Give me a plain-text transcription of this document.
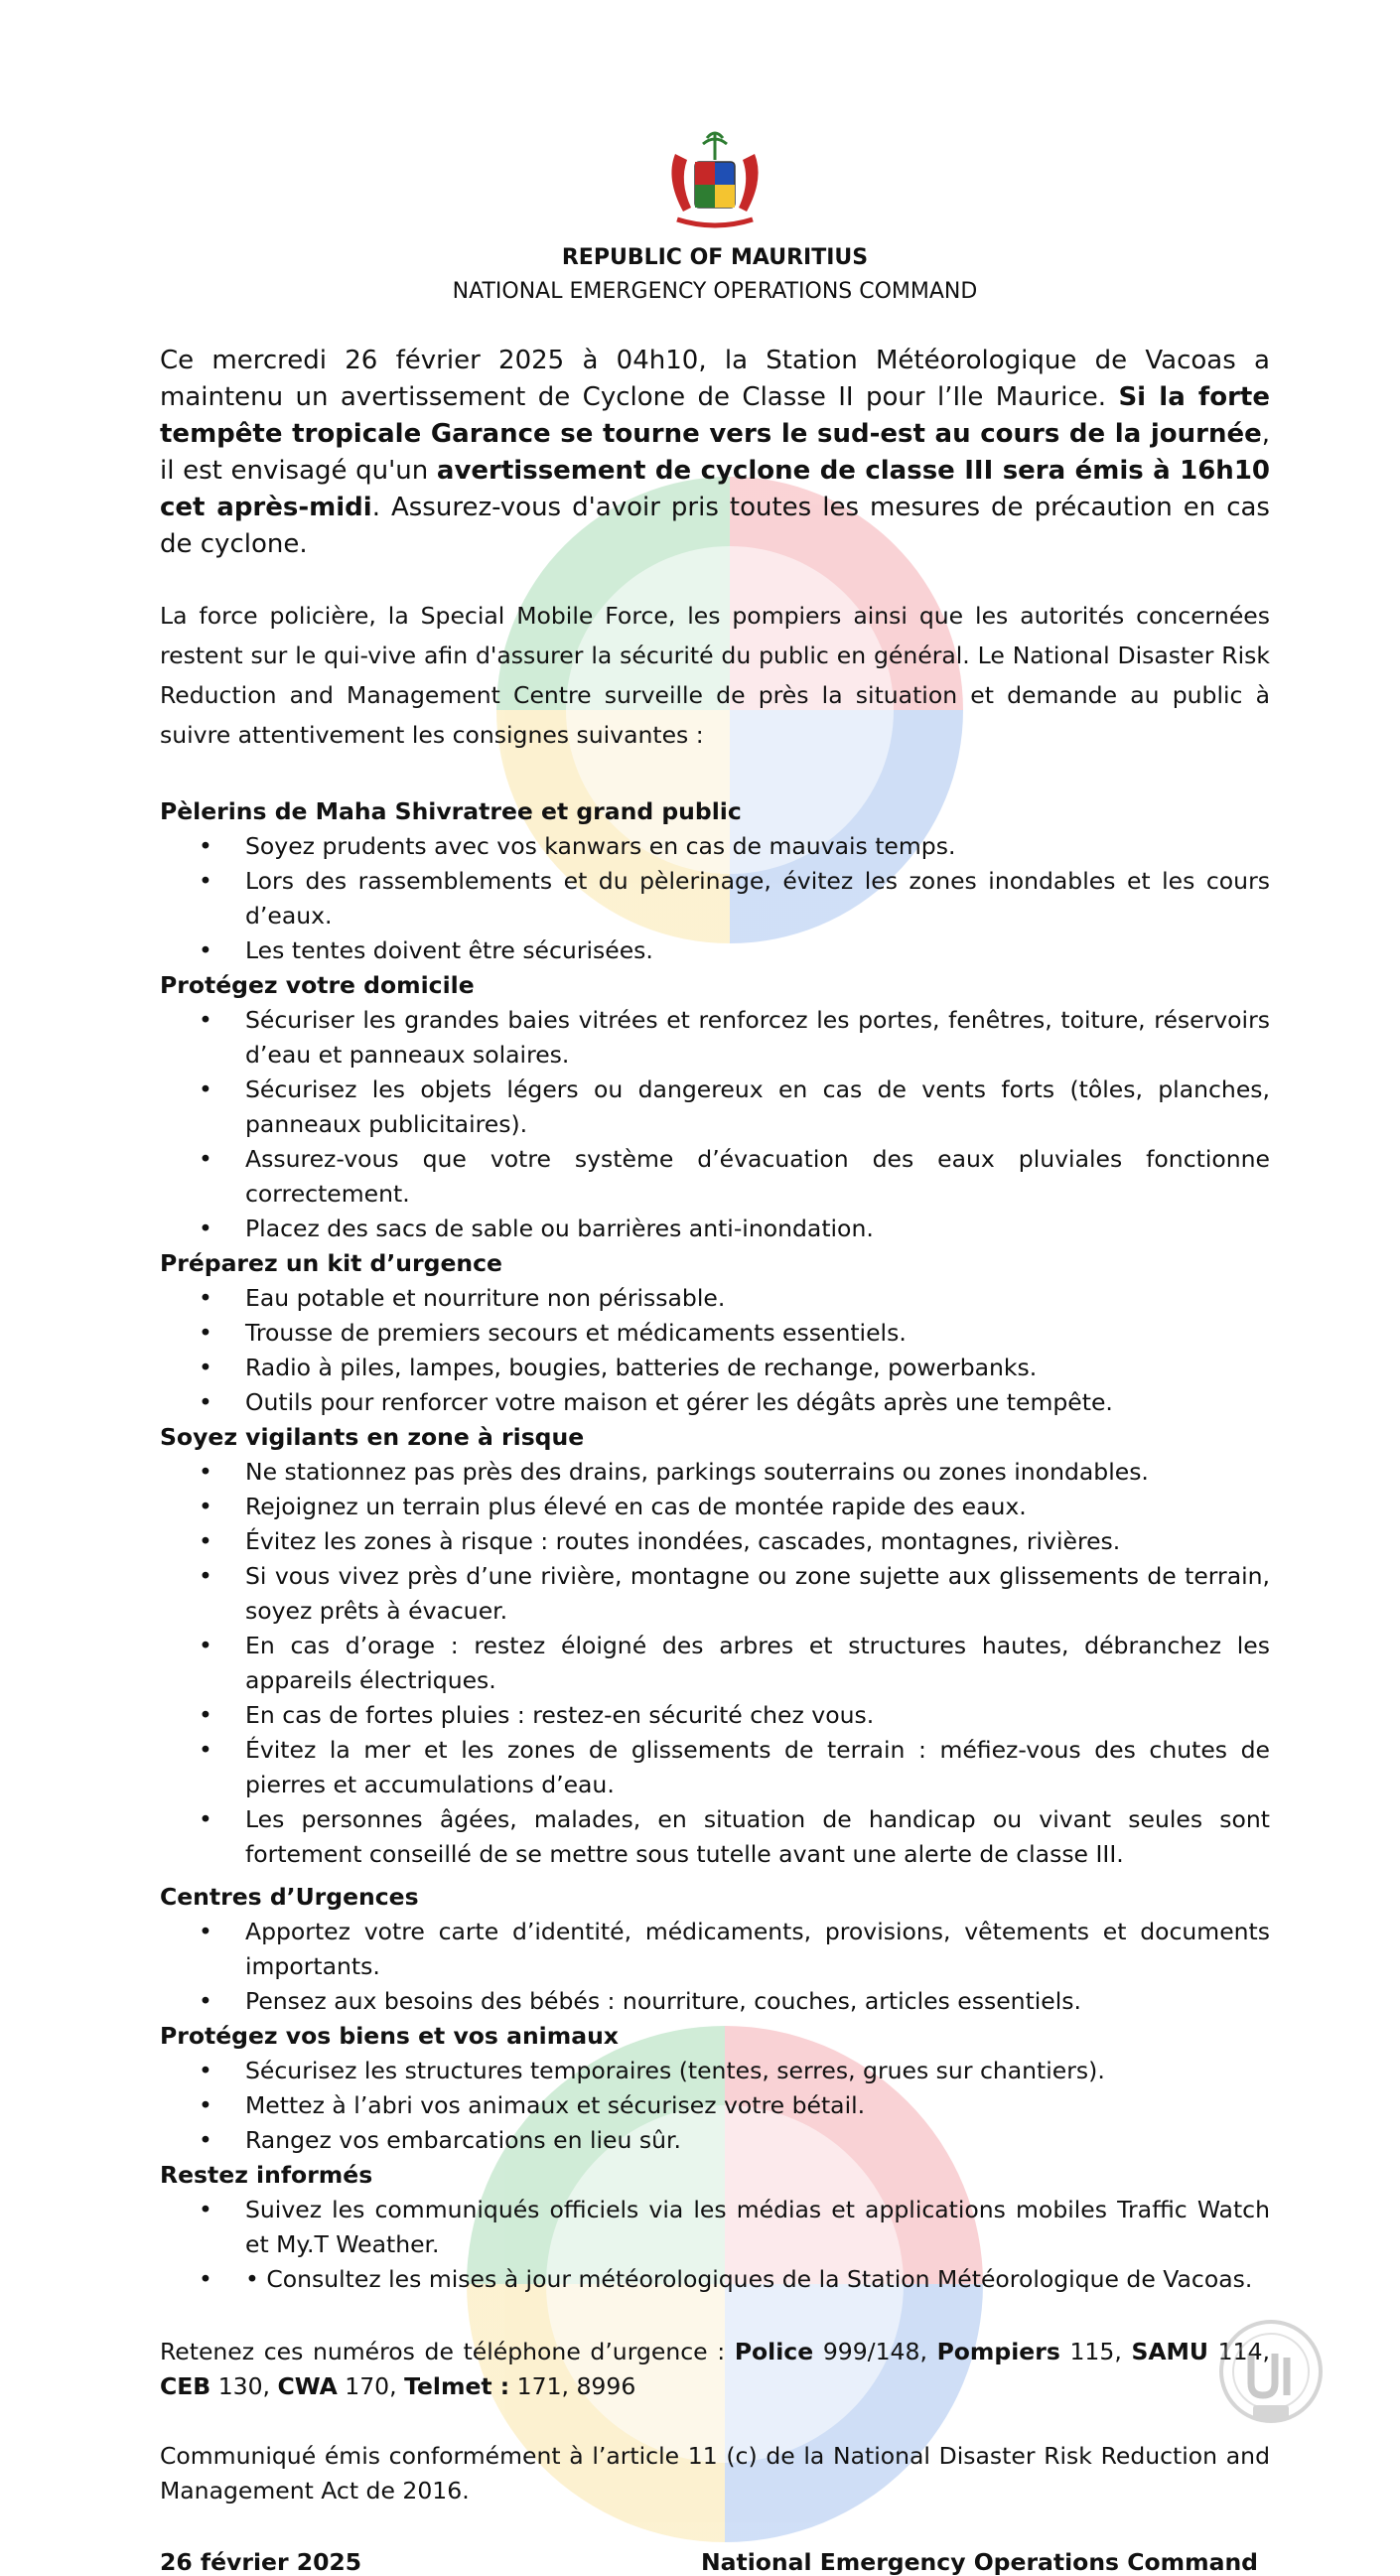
REPUBLIC OF MAURITIUS
NATIONAL EMERGENCY OPERATIONS COMMAND

Ce mercredi 26 février 2025 à 04h10, la Station Météorologique de Vacoas a maintenu un avertissement de Cyclone de Classe II pour l’Ile Maurice. Si la forte tempête tropicale Garance se tourne vers le sud-est au cours de la journée, il est envisagé qu'un avertissement de cyclone de classe III sera émis à 16h10 cet après-midi. Assurez-vous d'avoir pris toutes les mesures de précaution en cas de cyclone.

La force policière, la Special Mobile Force, les pompiers ainsi que les autorités concernées restent sur le qui-vive afin d'assurer la sécurité du public en général. Le National Disaster Risk Reduction and Management Centre surveille de près la situation et demande au public à suivre attentivement les consignes suivantes :

Pèlerins de Maha Shivratree et grand public

• Soyez prudents avec vos kanwars en cas de mauvais temps.
• Lors des rassemblements et du pèlerinage, évitez les zones inondables et les cours d’eaux.
• Les tentes doivent être sécurisées.

Protégez votre domicile

• Sécuriser les grandes baies vitrées et renforcez les portes, fenêtres, toiture, réservoirs d’eau et panneaux solaires.
• Sécurisez les objets légers ou dangereux en cas de vents forts (tôles, planches, panneaux publicitaires).
• Assurez-vous que votre système d’évacuation des eaux pluviales fonctionne correctement.
• Placez des sacs de sable ou barrières anti-inondation.

Préparez un kit d’urgence

• Eau potable et nourriture non périssable.
• Trousse de premiers secours et médicaments essentiels.
• Radio à piles, lampes, bougies, batteries de rechange, powerbanks.
• Outils pour renforcer votre maison et gérer les dégâts après une tempête.

Soyez vigilants en zone à risque

• Ne stationnez pas près des drains, parkings souterrains ou zones inondables.
• Rejoignez un terrain plus élevé en cas de montée rapide des eaux.
• Évitez les zones à risque : routes inondées, cascades, montagnes, rivières.
• Si vous vivez près d’une rivière, montagne ou zone sujette aux glissements de terrain, soyez prêts à évacuer.
• En cas d’orage : restez éloigné des arbres et structures hautes, débranchez les appareils électriques.
• En cas de fortes pluies : restez-en sécurité chez vous.
• Évitez la mer et les zones de glissements de terrain : méfiez-vous des chutes de pierres et accumulations d’eau.
• Les personnes âgées, malades, en situation de handicap ou vivant seules sont fortement conseillé de se mettre sous tutelle avant une alerte de classe III.

Centres d’Urgences

• Apportez votre carte d’identité, médicaments, provisions, vêtements et documents importants.
• Pensez aux besoins des bébés : nourriture, couches, articles essentiels.

Protégez vos biens et vos animaux

• Sécurisez les structures temporaires (tentes, serres, grues sur chantiers).
• Mettez à l’abri vos animaux et sécurisez votre bétail.
• Rangez vos embarcations en lieu sûr.

Restez informés

• Suivez les communiqués officiels via les médias et applications mobiles Traffic Watch et My.T Weather.
• • Consultez les mises à jour météorologiques de la Station Météorologique de Vacoas.

Retenez ces numéros de téléphone d’urgence : Police 999/148, Pompiers 115, SAMU 114, CEB 130, CWA 170, Telmet : 171, 8996

Communiqué émis conformément à l’article 11 (c) de la National Disaster Risk Reduction and Management Act de 2016.

26 février 2025	National Emergency Operations Command
